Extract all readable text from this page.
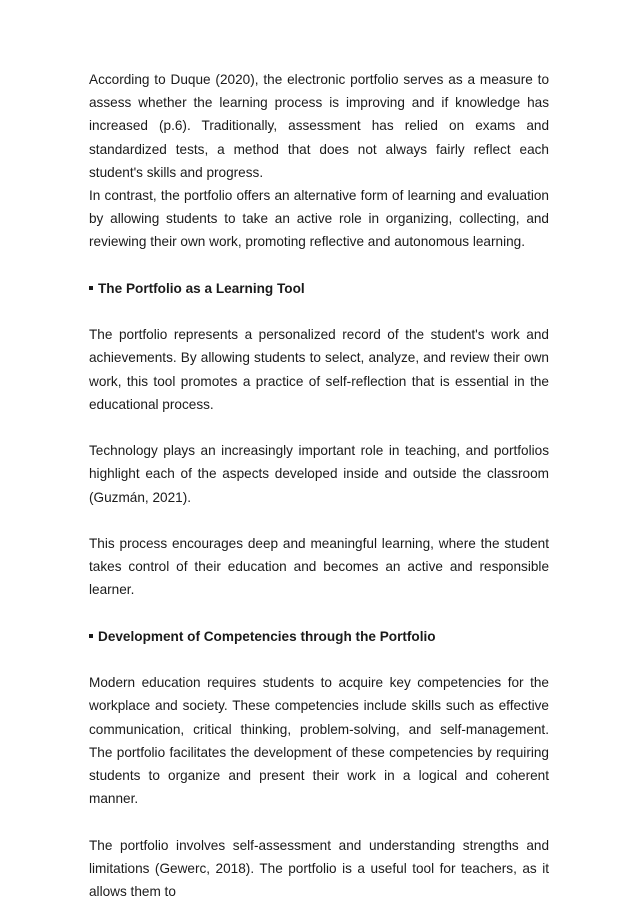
According to Duque (2020), the electronic portfolio serves as a measure to assess whether the learning process is improving and if knowledge has increased (p.6). Traditionally, assessment has relied on exams and standardized tests, a method that does not always fairly reflect each student's skills and progress.

In contrast, the portfolio offers an alternative form of learning and evaluation by allowing students to take an active role in organizing, collecting, and reviewing their own work, promoting reflective and autonomous learning.

The Portfolio as a Learning Tool

The portfolio represents a personalized record of the student's work and achievements. By allowing students to select, analyze, and review their own work, this tool promotes a practice of self-reflection that is essential in the educational process.

Technology plays an increasingly important role in teaching, and portfolios highlight each of the aspects developed inside and outside the classroom (Guzmán, 2021).

This process encourages deep and meaningful learning, where the student takes control of their education and becomes an active and responsible learner.

Development of Competencies through the Portfolio

Modern education requires students to acquire key competencies for the workplace and society. These competencies include skills such as effective communication, critical thinking, problem-solving, and self-management. The portfolio facilitates the development of these competencies by requiring students to organize and present their work in a logical and coherent manner.

The portfolio involves self-assessment and understanding strengths and limitations (Gewerc, 2018). The portfolio is a useful tool for teachers, as it allows them to
